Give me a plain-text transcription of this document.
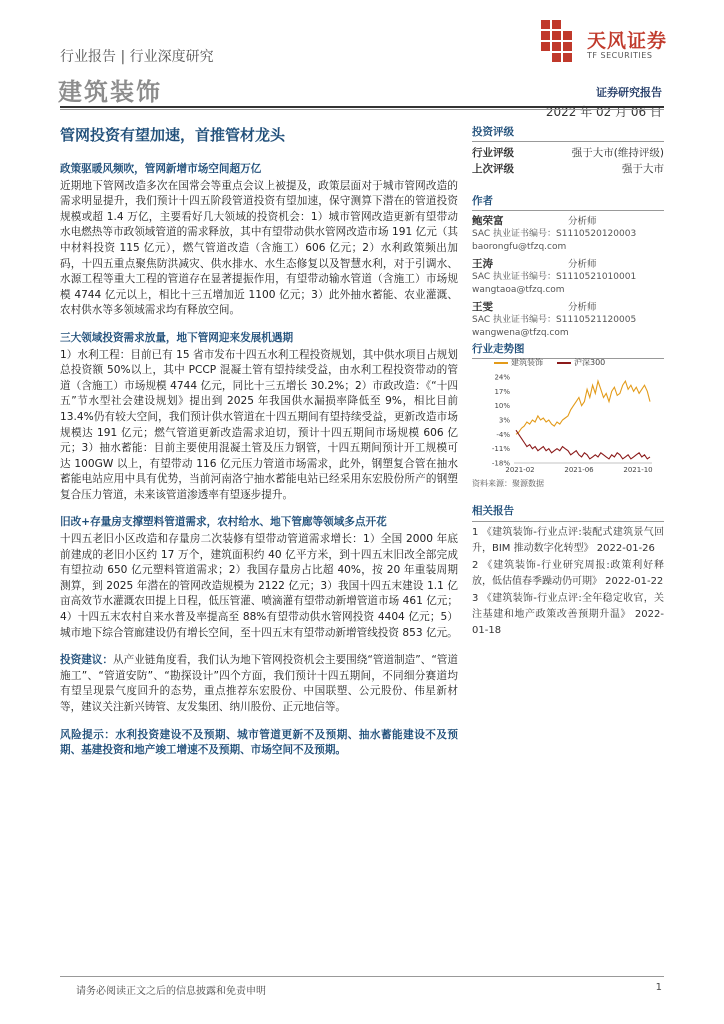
行业报告 | 行业深度研究
建筑装饰
天风证券
TF SECURITIES
证券研究报告
2022 年 02 月 06 日
管网投资有望加速，首推管材龙头
政策驱暖风频吹，管网新增市场空间超万亿
近期地下管网改造多次在国常会等重点会议上被提及，政策层面对于城市管网改造的需求明显提升，我们预计十四五阶段管道投资有望加速，保守测算下潜在的管道投资规模或超 1.4 万亿，主要看好几大领域的投资机会：1）城市管网改造更新有望带动水电燃热等市政领域管道的需求释放，其中有望带动供水管网改造市场 191 亿元（其中材料投资 115 亿元），燃气管道改造（含施工）606 亿元；2）水利政策频出加码，十四五重点聚焦防洪减灾、供水排水、水生态修复以及智慧水利，对于引调水、水源工程等重大工程的管道存在显著提振作用，有望带动输水管道（含施工）市场规模 4744 亿元以上，相比十三五增加近 1100 亿元；3）此外抽水蓄能、农业灌溉、农村供水等多领域需求均有释放空间。
三大领域投资需求放量，地下管网迎来发展机遇期
1）水利工程：目前已有 15 省市发布十四五水利工程投资规划，其中供水项目占规划总投资额 50%以上，其中 PCCP 混凝土管有望持续受益，由水利工程投资带动的管道（含施工）市场规模 4744 亿元，同比十三五增长 30.2%；2）市政改造：《“十四五”节水型社会建设规划》提出到 2025 年我国供水漏损率降低至 9%，相比目前 13.4%仍有较大空间，我们预计供水管道在十四五期间有望持续受益，更新改造市场规模达 191 亿元；燃气管道更新改造需求迫切，预计十四五期间市场规模 606 亿元；3）抽水蓄能：目前主要使用混凝土管及压力钢管，十四五期间预计开工规模可达 100GW 以上，有望带动 116 亿元压力管道市场需求，此外，钢塑复合管在抽水蓄能电站应用中具有优势，当前河南洛宁抽水蓄能电站已经采用东宏股份所产的钢塑复合压力管道，未来该管道渗透率有望逐步提升。
旧改+存量房支撑塑料管道需求，农村给水、地下管廊等领域多点开花
十四五老旧小区改造和存量房二次装修有望带动管道需求增长：1）全国 2000 年底前建成的老旧小区约 17 万个，建筑面积约 40 亿平方米，到十四五末旧改全部完成有望拉动 650 亿元塑料管道需求；2）我国存量房占比超 40%，按 20 年重装周期测算，到 2025 年潜在的管网改造规模为 2122 亿元；3）我国十四五末建设 1.1 亿亩高效节水灌溉农田提上日程，低压管灌、喷滴灌有望带动新增管道市场 461 亿元；4）十四五末农村自来水普及率提高至 88%有望带动供水管网投资 4404 亿元；5）城市地下综合管廊建设仍有增长空间，至十四五末有望带动新增管线投资 853 亿元。
投资建议：从产业链角度看，我们认为地下管网投资机会主要围绕“管道制造”、“管道施工”、“管道安防”、“勘探设计”四个方面，我们预计十四五期间，不同细分赛道均有望呈现景气度回升的态势，重点推荐东宏股份、中国联塑、公元股份、伟星新材等，建议关注新兴铸管、友发集团、纳川股份、正元地信等。
风险提示：水利投资建设不及预期、城市管道更新不及预期、抽水蓄能建设不及预期、基建投资和地产竣工增速不及预期、市场空间不及预期。
投资评级
行业评级	强于大市(维持评级)
上次评级	强于大市
作者
鲍荣富	分析师
SAC 执业证书编号：S1110520120003
baorongfu@tfzq.com
王涛	分析师
SAC 执业证书编号：S1110521010001
wangtaoa@tfzq.com
王雯	分析师
SAC 执业证书编号：S1110521120005
wangwena@tfzq.com
行业走势图
建筑装饰	沪深300
24%
17%
10%
3%
-4%
-11%
-18%
2021-02	2021-06	2021-10
资料来源：聚源数据
相关报告
1 《建筑装饰-行业点评:装配式建筑景气回升，BIM 推动数字化转型》 2022-01-26
2 《建筑装饰-行业研究周报:政策利好释放，低估值春季躁动仍可期》 2022-01-22
3 《建筑装饰-行业点评:全年稳定收官，关注基建和地产政策改善预期升温》 2022-01-18
请务必阅读正文之后的信息披露和免责申明	1
